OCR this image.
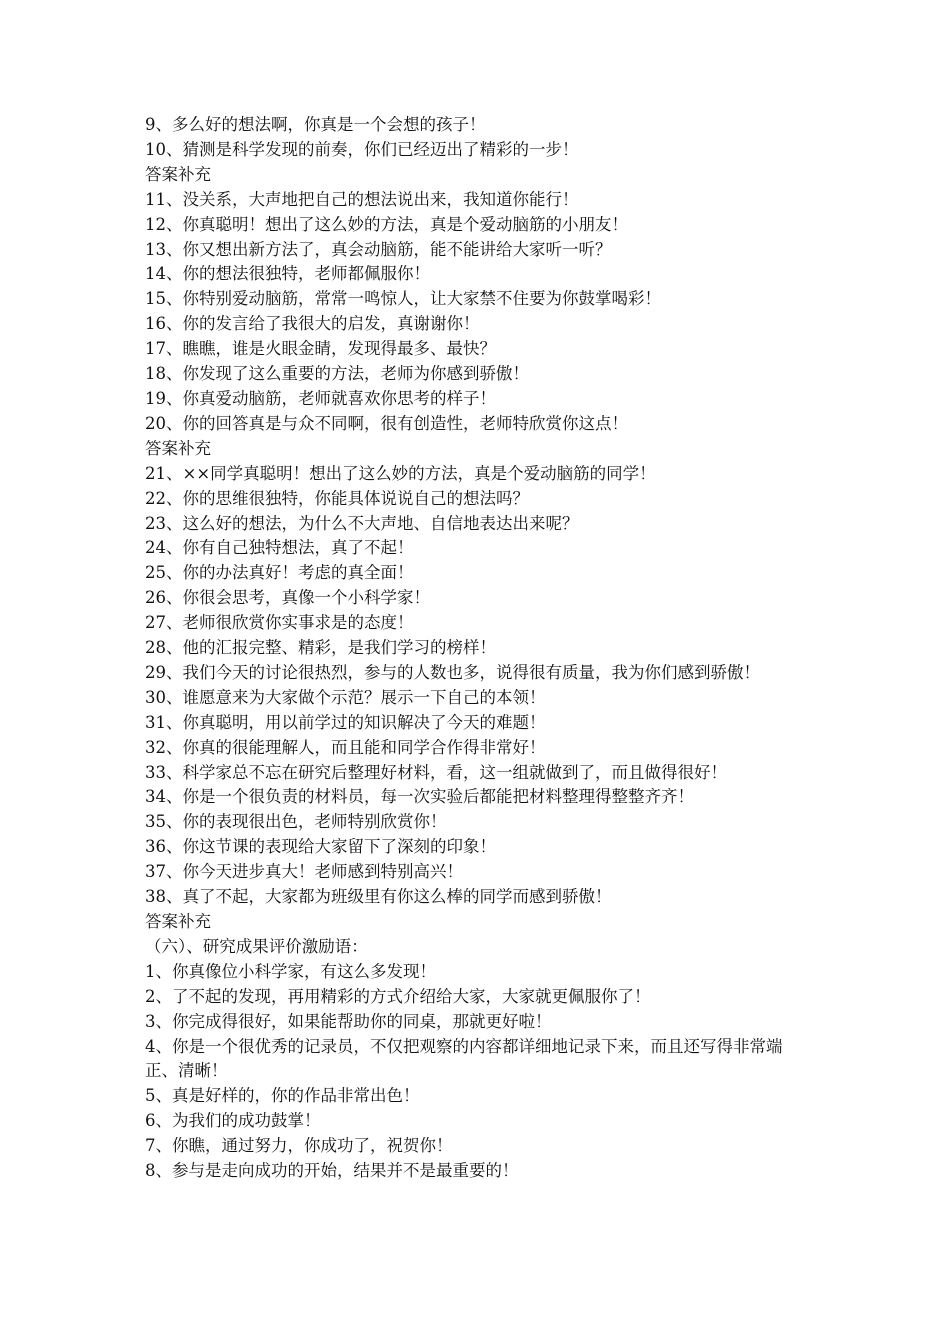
9、多么好的想法啊，你真是一个会想的孩子！
10、猜测是科学发现的前奏，你们已经迈出了精彩的一步！
答案补充
11、没关系，大声地把自己的想法说出来，我知道你能行！
12、你真聪明！想出了这么妙的方法，真是个爱动脑筋的小朋友！
13、你又想出新方法了，真会动脑筋，能不能讲给大家听一听？
14、你的想法很独特，老师都佩服你！
15、你特别爱动脑筋，常常一鸣惊人，让大家禁不住要为你鼓掌喝彩！
16、你的发言给了我很大的启发，真谢谢你！
17、瞧瞧，谁是火眼金睛，发现得最多、最快？
18、你发现了这么重要的方法，老师为你感到骄傲！
19、你真爱动脑筋，老师就喜欢你思考的样子！
20、你的回答真是与众不同啊，很有创造性，老师特欣赏你这点！
答案补充
21、××同学真聪明！想出了这么妙的方法，真是个爱动脑筋的同学！
22、你的思维很独特，你能具体说说自己的想法吗？
23、这么好的想法，为什么不大声地、自信地表达出来呢？
24、你有自己独特想法，真了不起！
25、你的办法真好！考虑的真全面！
26、你很会思考，真像一个小科学家！
27、老师很欣赏你实事求是的态度！
28、他的汇报完整、精彩，是我们学习的榜样！
29、我们今天的讨论很热烈，参与的人数也多，说得很有质量，我为你们感到骄傲！
30、谁愿意来为大家做个示范？展示一下自己的本领！
31、你真聪明，用以前学过的知识解决了今天的难题！
32、你真的很能理解人，而且能和同学合作得非常好！
33、科学家总不忘在研究后整理好材料，看，这一组就做到了，而且做得很好！
34、你是一个很负责的材料员，每一次实验后都能把材料整理得整整齐齐！
35、你的表现很出色，老师特别欣赏你！
36、你这节课的表现给大家留下了深刻的印象！
37、你今天进步真大！老师感到特别高兴！
38、真了不起，大家都为班级里有你这么棒的同学而感到骄傲！
答案补充
（六）、研究成果评价激励语：
1、你真像位小科学家，有这么多发现！
2、了不起的发现，再用精彩的方式介绍给大家，大家就更佩服你了！
3、你完成得很好，如果能帮助你的同桌，那就更好啦！
4、你是一个很优秀的记录员，不仅把观察的内容都详细地记录下来，而且还写得非常端正、清晰！
5、真是好样的，你的作品非常出色！
6、为我们的成功鼓掌！
7、你瞧，通过努力，你成功了，祝贺你！
8、参与是走向成功的开始，结果并不是最重要的！
